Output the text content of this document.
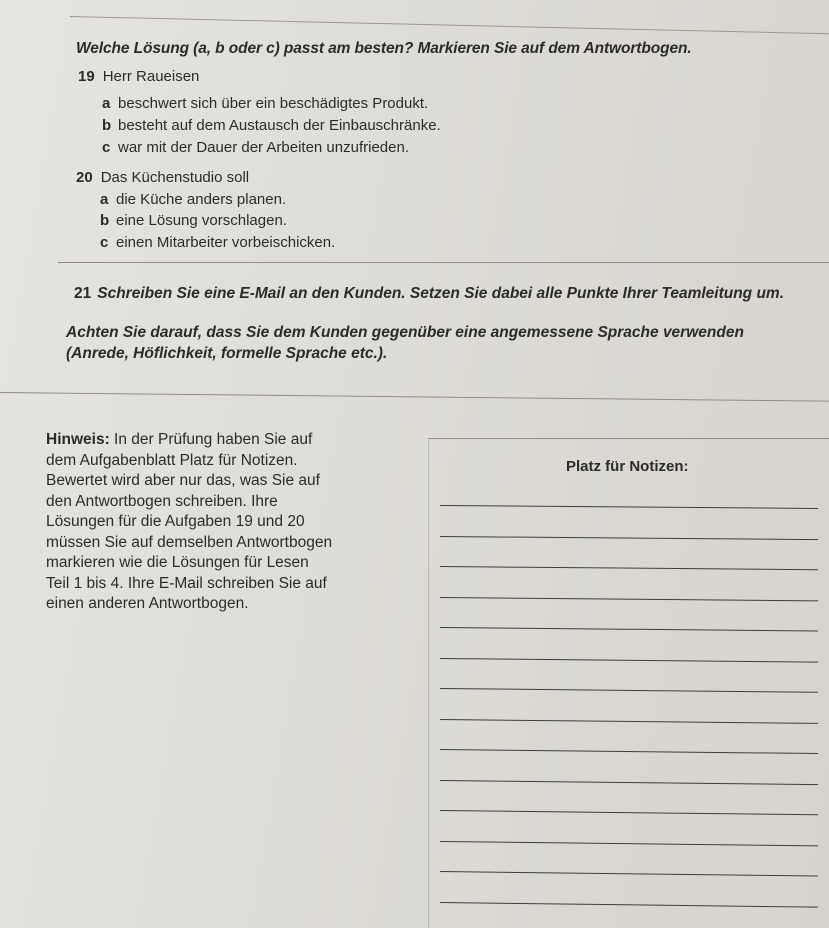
Welche Lösung (a, b oder c) passt am besten? Markieren Sie auf dem Antwortbogen.
19 Herr Raueisen
a beschwert sich über ein beschädigtes Produkt.
b besteht auf dem Austausch der Einbauschränke.
c war mit der Dauer der Arbeiten unzufrieden.
20 Das Küchenstudio soll
a die Küche anders planen.
b eine Lösung vorschlagen.
c einen Mitarbeiter vorbeischicken.
21 Schreiben Sie eine E-Mail an den Kunden. Setzen Sie dabei alle Punkte Ihrer Teamleitung um.
Achten Sie darauf, dass Sie dem Kunden gegenüber eine angemessene Sprache verwenden (Anrede, Höflichkeit, formelle Sprache etc.).
Hinweis: In der Prüfung haben Sie auf dem Aufgabenblatt Platz für Notizen. Bewertet wird aber nur das, was Sie auf den Antwortbogen schreiben. Ihre Lösungen für die Aufgaben 19 und 20 müssen Sie auf demselben Antwortbogen markieren wie die Lösungen für Lesen Teil 1 bis 4. Ihre E-Mail schreiben Sie auf einen anderen Antwortbogen.
Platz für Notizen:
